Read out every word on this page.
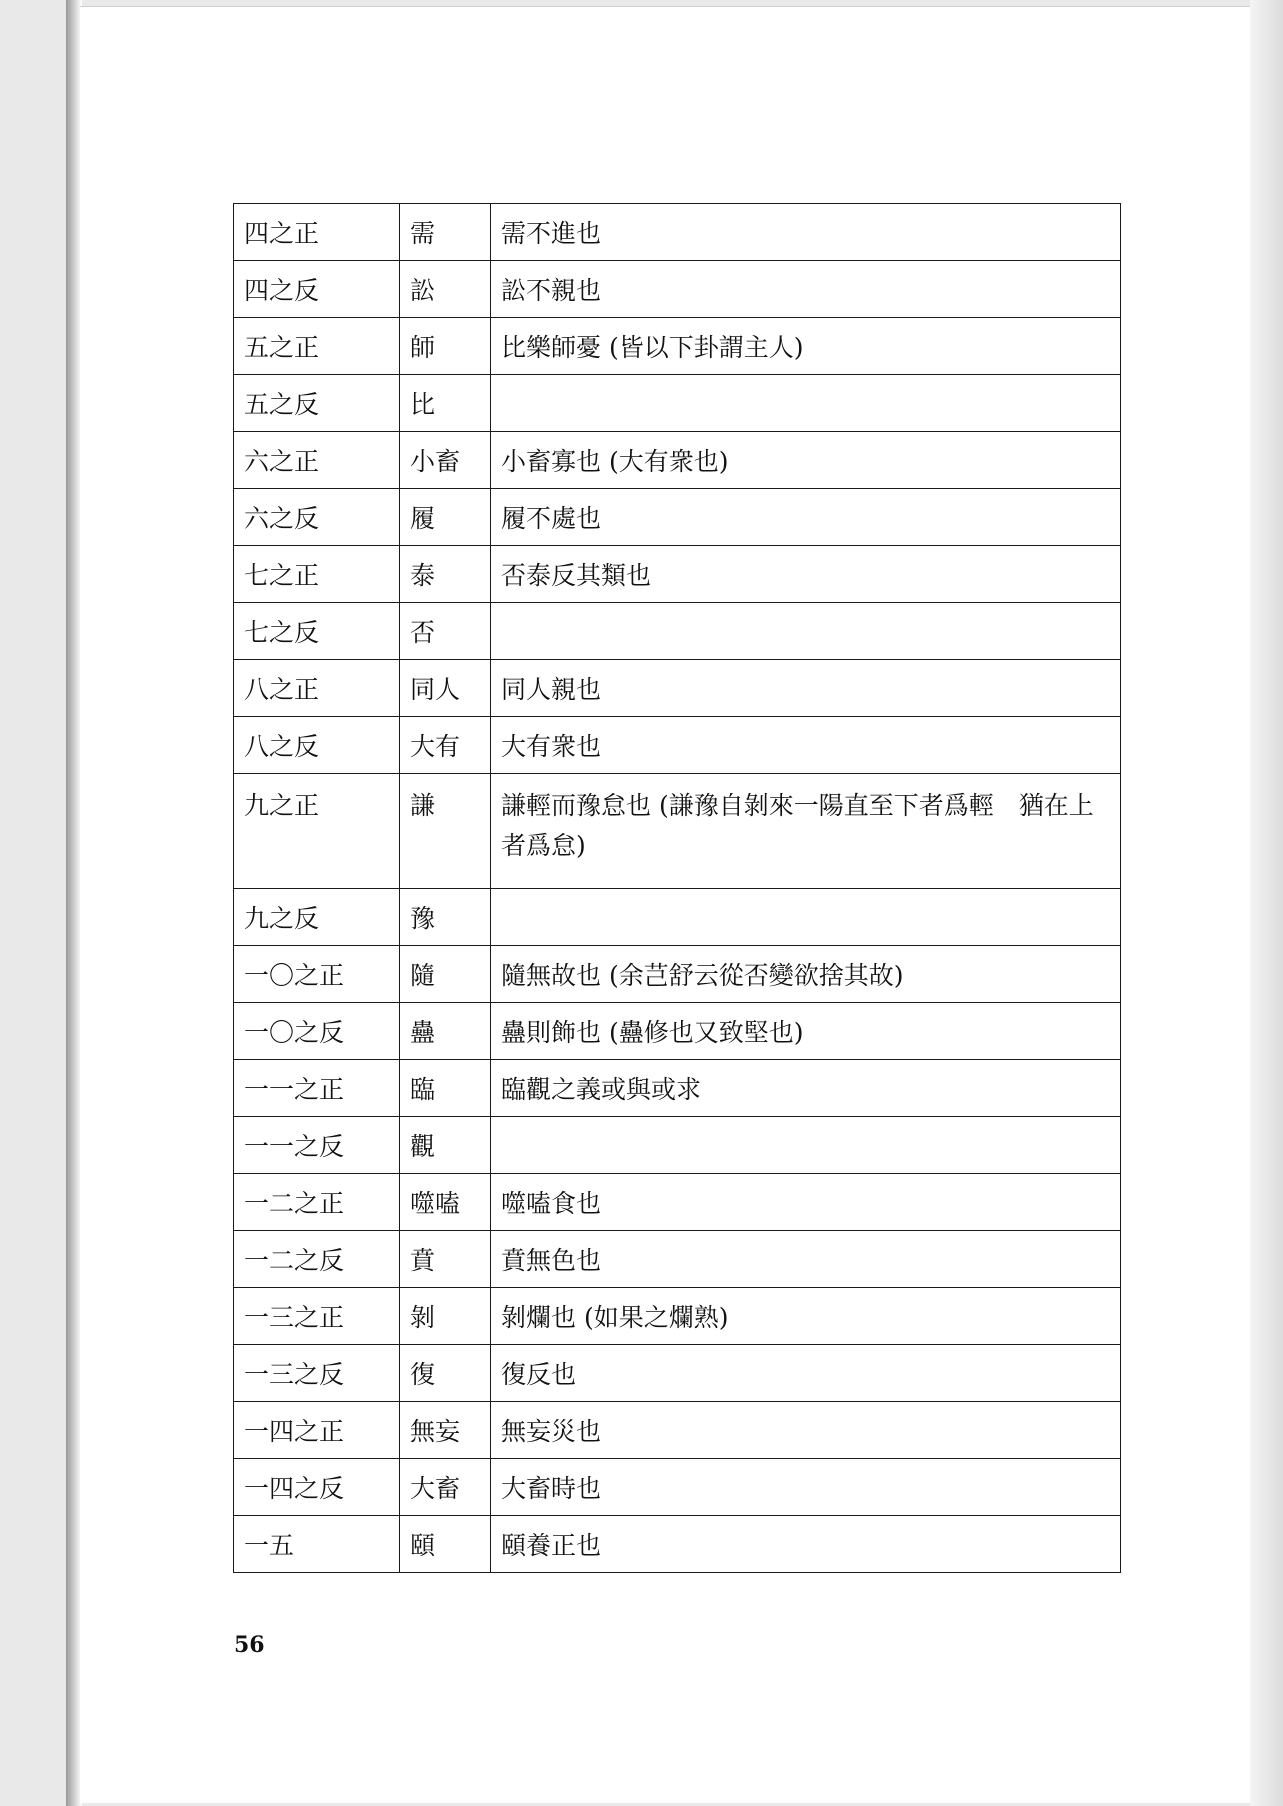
四之正	需	需不進也
四之反	訟	訟不親也
五之正	師	比樂師憂 (皆以下卦謂主人)
五之反	比	
六之正	小畜	小畜寡也 (大有衆也)
六之反	履	履不處也
七之正	泰	否泰反其類也
七之反	否	
八之正	同人	同人親也
八之反	大有	大有衆也
九之正	謙	謙輕而豫怠也 (謙豫自剝來一陽直至下者爲輕　猶在上者爲怠)
九之反	豫	
一〇之正	隨	隨無故也 (余芑舒云從否變欲捨其故)
一〇之反	蠱	蠱則飾也 (蠱修也又致堅也)
一一之正	臨	臨觀之義或與或求
一一之反	觀	
一二之正	噬嗑	噬嗑食也
一二之反	賁	賁無色也
一三之正	剝	剝爛也 (如果之爛熟)
一三之反	復	復反也
一四之正	無妄	無妄災也
一四之反	大畜	大畜時也
一五	頤	頤養正也
56
